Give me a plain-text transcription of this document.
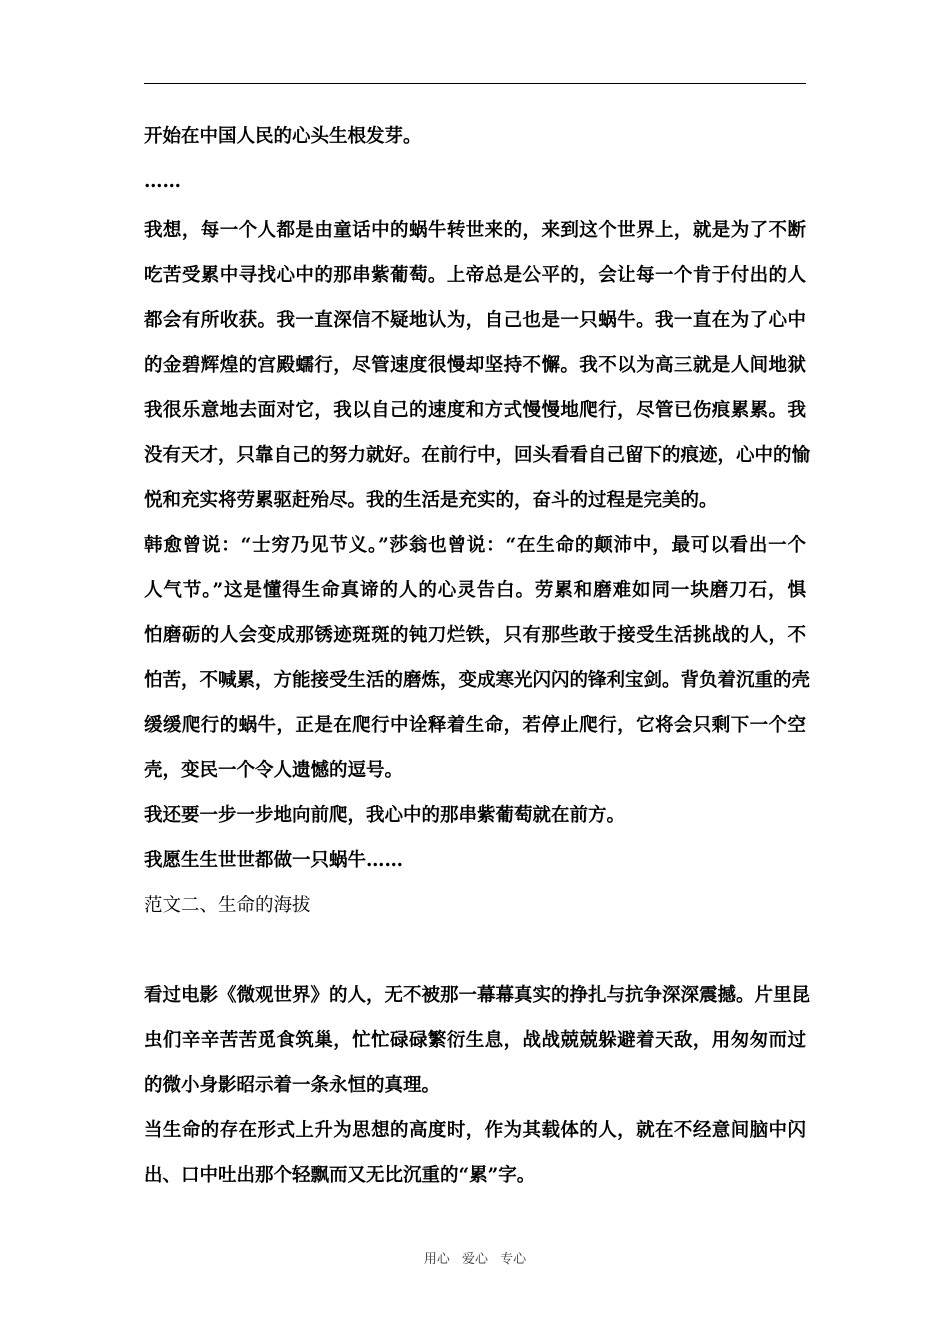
开始在中国人民的心头生根发芽。
……
我想，每一个人都是由童话中的蜗牛转世来的，来到这个世界上，就是为了不断
吃苦受累中寻找心中的那串紫葡萄。上帝总是公平的，会让每一个肯于付出的人
都会有所收获。我一直深信不疑地认为，自己也是一只蜗牛。我一直在为了心中
的金碧辉煌的宫殿蠕行，尽管速度很慢却坚持不懈。我不以为高三就是人间地狱
我很乐意地去面对它，我以自己的速度和方式慢慢地爬行，尽管已伤痕累累。我
没有天才，只靠自己的努力就好。在前行中，回头看看自己留下的痕迹，心中的愉
悦和充实将劳累驱赶殆尽。我的生活是充实的，奋斗的过程是完美的。
韩愈曾说：“士穷乃见节义。”莎翁也曾说：“在生命的颠沛中，最可以看出一个
人气节。”这是懂得生命真谛的人的心灵告白。劳累和磨难如同一块磨刀石，惧
怕磨砺的人会变成那锈迹斑斑的钝刀烂铁，只有那些敢于接受生活挑战的人，不
怕苦，不喊累，方能接受生活的磨炼，变成寒光闪闪的锋利宝剑。背负着沉重的壳
缓缓爬行的蜗牛，正是在爬行中诠释着生命，若停止爬行，它将会只剩下一个空
壳，变民一个令人遗憾的逗号。
我还要一步一步地向前爬，我心中的那串紫葡萄就在前方。
我愿生生世世都做一只蜗牛……
范文二、生命的海拔
看过电影《微观世界》的人，无不被那一幕幕真实的挣扎与抗争深深震撼。片里昆
虫们辛辛苦苦觅食筑巢，忙忙碌碌繁衍生息，战战兢兢躲避着天敌，用匆匆而过
的微小身影昭示着一条永恒的真理。
当生命的存在形式上升为思想的高度时，作为其载体的人，就在不经意间脑中闪
出、口中吐出那个轻飘而又无比沉重的“累”字。
用心 爱心 专心
